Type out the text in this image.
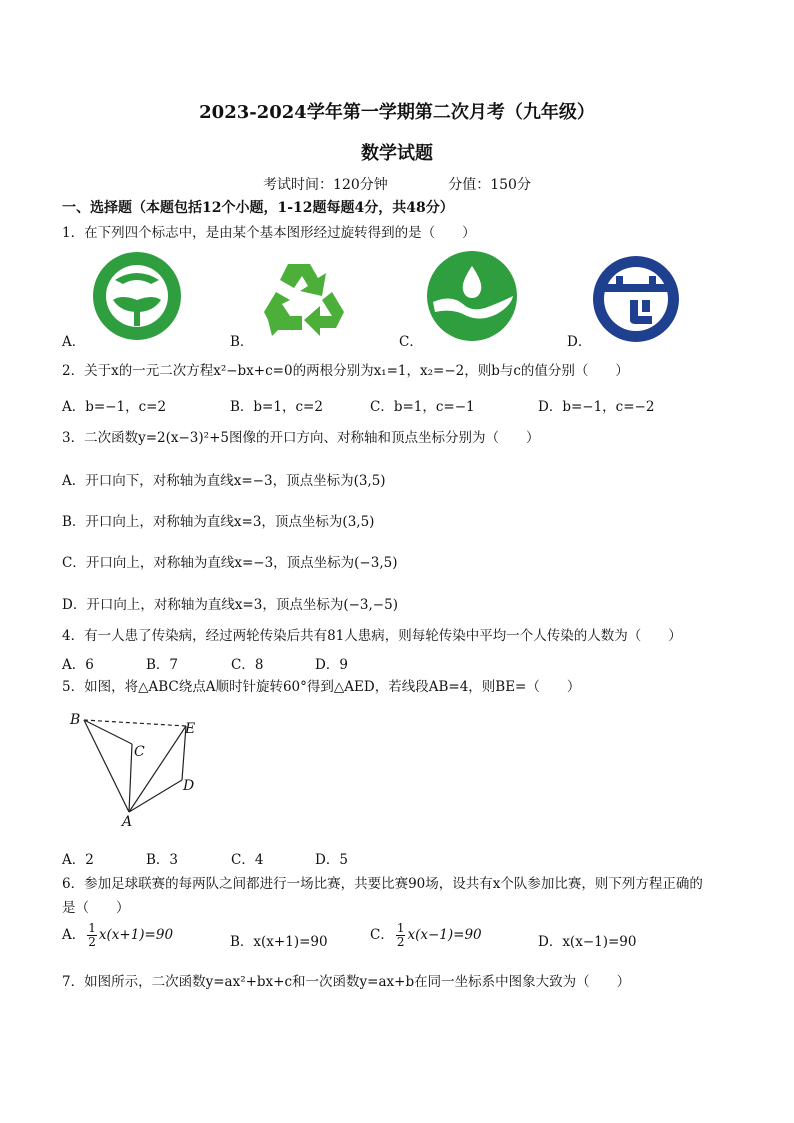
2023-2024学年第一学期第二次月考（九年级）
数学试题
考试时间：120分钟	分值：150分
一、选择题（本题包括12个小题，1-12题每题4分，共48分）
1．在下列四个标志中，是由某个基本图形经过旋转得到的是（　　）
A．	B．	C．	D．
2．关于x的一元二次方程x²−bx+c=0的两根分别为x₁=1，x₂=−2，则b与c的值分别（　　）
A．b=−1，c=2	B．b=1，c=2	C．b=1，c=−1	D．b=−1，c=−2
3．二次函数y=2(x−3)²+5图像的开口方向、对称轴和顶点坐标分别为（　　）
A．开口向下，对称轴为直线x=−3，顶点坐标为(3,5)
B．开口向上，对称轴为直线x=3，顶点坐标为(3,5)
C．开口向上，对称轴为直线x=−3，顶点坐标为(−3,5)
D．开口向上，对称轴为直线x=3，顶点坐标为(−3,−5)
4．有一人患了传染病，经过两轮传染后共有81人患病，则每轮传染中平均一个人传染的人数为（　　）
A．6	B．7	C．8	D．9
5．如图，将△ABC绕点A顺时针旋转60°得到△AED，若线段AB=4，则BE=（　　）
B
C
E
D
A
A．2	B．3	C．4	D．5
6．参加足球联赛的每两队之间都进行一场比赛，共要比赛90场，设共有x个队参加比赛，则下列方程正确的
是（　　）
A． $\frac{1}{2} x(x+1)=90$	B．x(x+1)=90	C． $\frac{1}{2} x(x-1)=90$	D．x(x−1)=90
7．如图所示，二次函数y=ax²+bx+c和一次函数y=ax+b在同一坐标系中图象大致为（　　）
